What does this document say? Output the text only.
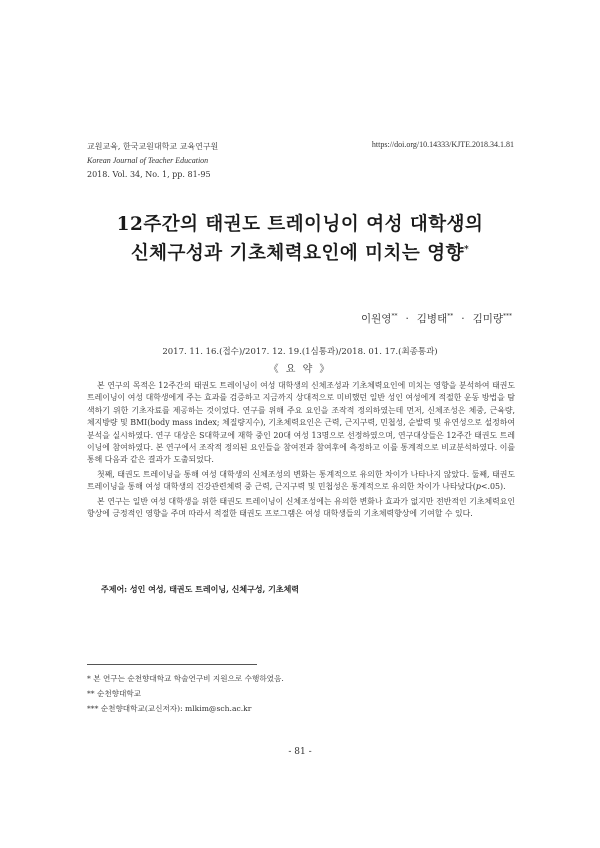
교원교육, 한국교원대학교 교육연구원
Korean Journal of Teacher Education
2018. Vol. 34, No. 1, pp. 81-95
https://doi.org/10.14333/KJTE.2018.34.1.81
12주간의 태권도 트레이닝이 여성 대학생의
신체구성과 기초체력요인에 미치는 영향*
이원영** · 김병태** · 김미량***
2017. 11. 16.(접수)/2017. 12. 19.(1심통과)/2018. 01. 17.(최종통과)
《 요 약 》

본 연구의 목적은 12주간의 태권도 트레이닝이 여성 대학생의 신체조성과 기초체력요인에 미치는 영향을 분석하여 태권도 트레이닝이 여성 대학생에게 주는 효과를 검증하고 지금까지 상대적으로 미비했던 일반 성인 여성에게 적절한 운동 방법을 탐색하기 위한 기초자료를 제공하는 것이었다. 연구를 위해 주요 요인을 조작적 정의하였는데 먼저, 신체조성은 체중, 근육량, 체지방량 및 BMI(body mass index; 체질량지수), 기초체력요인은 근력, 근지구력, 민첩성, 순발력 및 유연성으로 설정하여 분석을 실시하였다. 연구 대상은 S대학교에 재학 중인 20대 여성 13명으로 선정하였으며, 연구대상들은 12주간 태권도 트레이닝에 참여하였다. 본 연구에서 조작적 정의된 요인들을 참여전과 참여후에 측정하고 이를 통계적으로 비교분석하였다. 이를 통해 다음과 같은 결과가 도출되었다.

첫째, 태권도 트레이닝을 통해 여성 대학생의 신체조성의 변화는 통계적으로 유의한 차이가 나타나지 않았다. 둘째, 태권도 트레이닝을 통해 여성 대학생의 건강관련체력 중 근력, 근지구력 및 민첩성은 통계적으로 유의한 차이가 나타났다(p<.05).

본 연구는 일반 여성 대학생을 위한 태권도 트레이닝이 신체조성에는 유의한 변화나 효과가 없지만 전반적인 기초체력요인 향상에 긍정적인 영향을 주며 따라서 적절한 태권도 프로그램은 여성 대학생들의 기초체력향상에 기여할 수 있다.

주제어: 성인 여성, 태권도 트레이닝, 신체구성, 기초체력
* 본 연구는 순천향대학교 학술연구비 지원으로 수행하였음.
** 순천향대학교
*** 순천향대학교(교신저자): mlkim@sch.ac.kr
- 81 -
